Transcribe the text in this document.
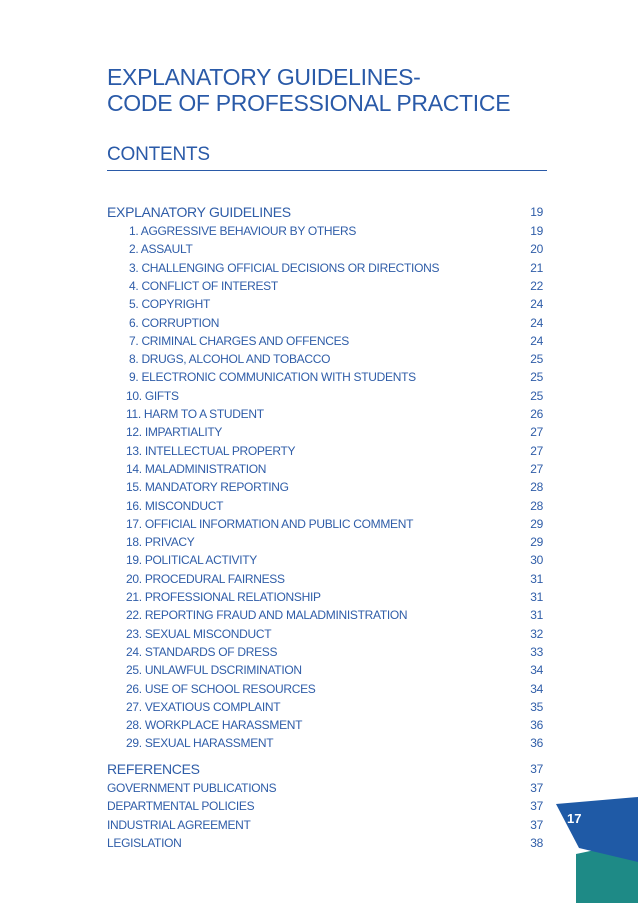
EXPLANATORY GUIDELINES-
CODE OF PROFESSIONAL PRACTICE
CONTENTS
EXPLANATORY GUIDELINES	19
1. AGGRESSIVE BEHAVIOUR BY OTHERS	19
2. ASSAULT	20
3. CHALLENGING OFFICIAL DECISIONS OR DIRECTIONS	21
4. CONFLICT OF INTEREST	22
5. COPYRIGHT	24
6. CORRUPTION	24
7. CRIMINAL CHARGES AND OFFENCES	24
8. DRUGS, ALCOHOL AND TOBACCO	25
9. ELECTRONIC COMMUNICATION WITH STUDENTS	25
10. GIFTS	25
11. HARM TO A STUDENT	26
12. IMPARTIALITY	27
13. INTELLECTUAL PROPERTY	27
14. MALADMINISTRATION	27
15. MANDATORY REPORTING	28
16. MISCONDUCT	28
17. OFFICIAL INFORMATION AND PUBLIC COMMENT	29
18. PRIVACY	29
19. POLITICAL ACTIVITY	30
20. PROCEDURAL FAIRNESS	31
21. PROFESSIONAL RELATIONSHIP	31
22. REPORTING FRAUD AND MALADMINISTRATION	31
23. SEXUAL MISCONDUCT	32
24. STANDARDS OF DRESS	33
25. UNLAWFUL DSCRIMINATION	34
26. USE OF SCHOOL RESOURCES	34
27. VEXATIOUS COMPLAINT	35
28. WORKPLACE HARASSMENT	36
29. SEXUAL HARASSMENT	36
REFERENCES	37
GOVERNMENT PUBLICATIONS	37
DEPARTMENTAL POLICIES	37
INDUSTRIAL AGREEMENT	37
LEGISLATION	38
17
